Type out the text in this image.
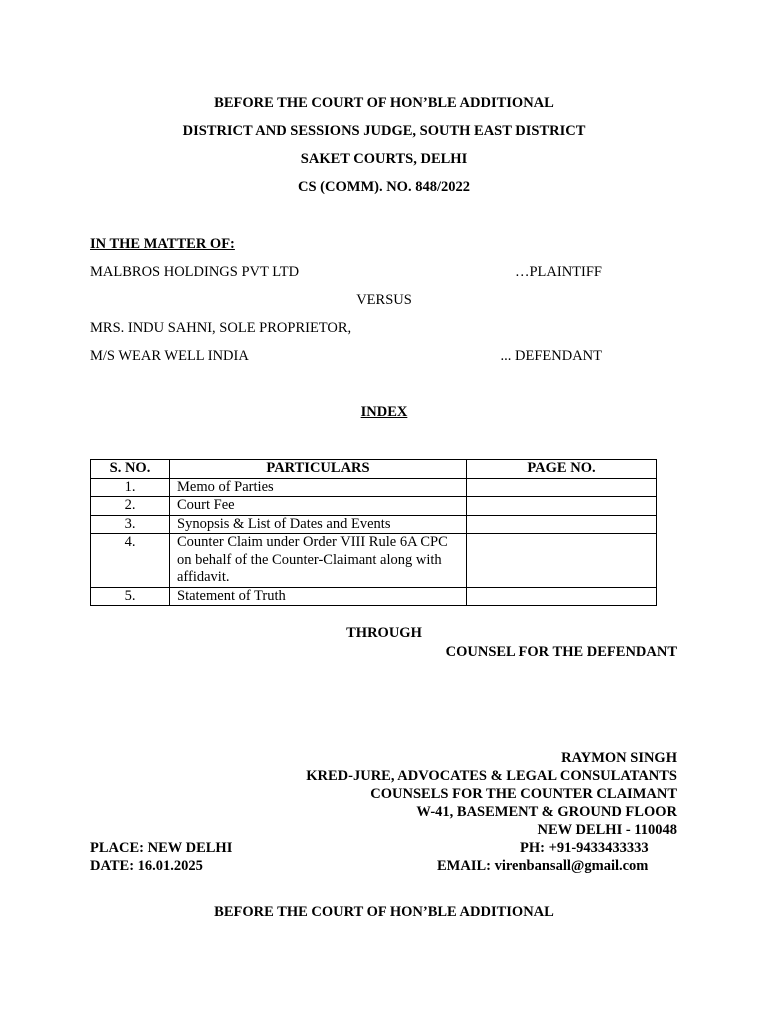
BEFORE THE COURT OF HON’BLE ADDITIONAL
DISTRICT AND SESSIONS JUDGE, SOUTH EAST DISTRICT
SAKET COURTS, DELHI
CS (COMM). NO. 848/2022
IN THE MATTER OF:
MALBROS HOLDINGS PVT LTD	…PLAINTIFF
VERSUS
MRS. INDU SAHNI, SOLE PROPRIETOR,
M/S WEAR WELL INDIA	... DEFENDANT
INDEX
S. NO.	PARTICULARS	PAGE NO.
1.	Memo of Parties	
2.	Court Fee	
3.	Synopsis & List of Dates and Events	
4.	Counter Claim under Order VIII Rule 6A CPC on behalf of the Counter-Claimant along with affidavit.	
5.	Statement of Truth	
THROUGH
COUNSEL FOR THE DEFENDANT
RAYMON SINGH
KRED-JURE, ADVOCATES & LEGAL CONSULATANTS
COUNSELS FOR THE COUNTER CLAIMANT
W-41, BASEMENT & GROUND FLOOR
NEW DELHI - 110048
PLACE: NEW DELHI	PH: +91-9433433333
DATE: 16.01.2025	EMAIL: virenbansall@gmail.com
BEFORE THE COURT OF HON’BLE ADDITIONAL
